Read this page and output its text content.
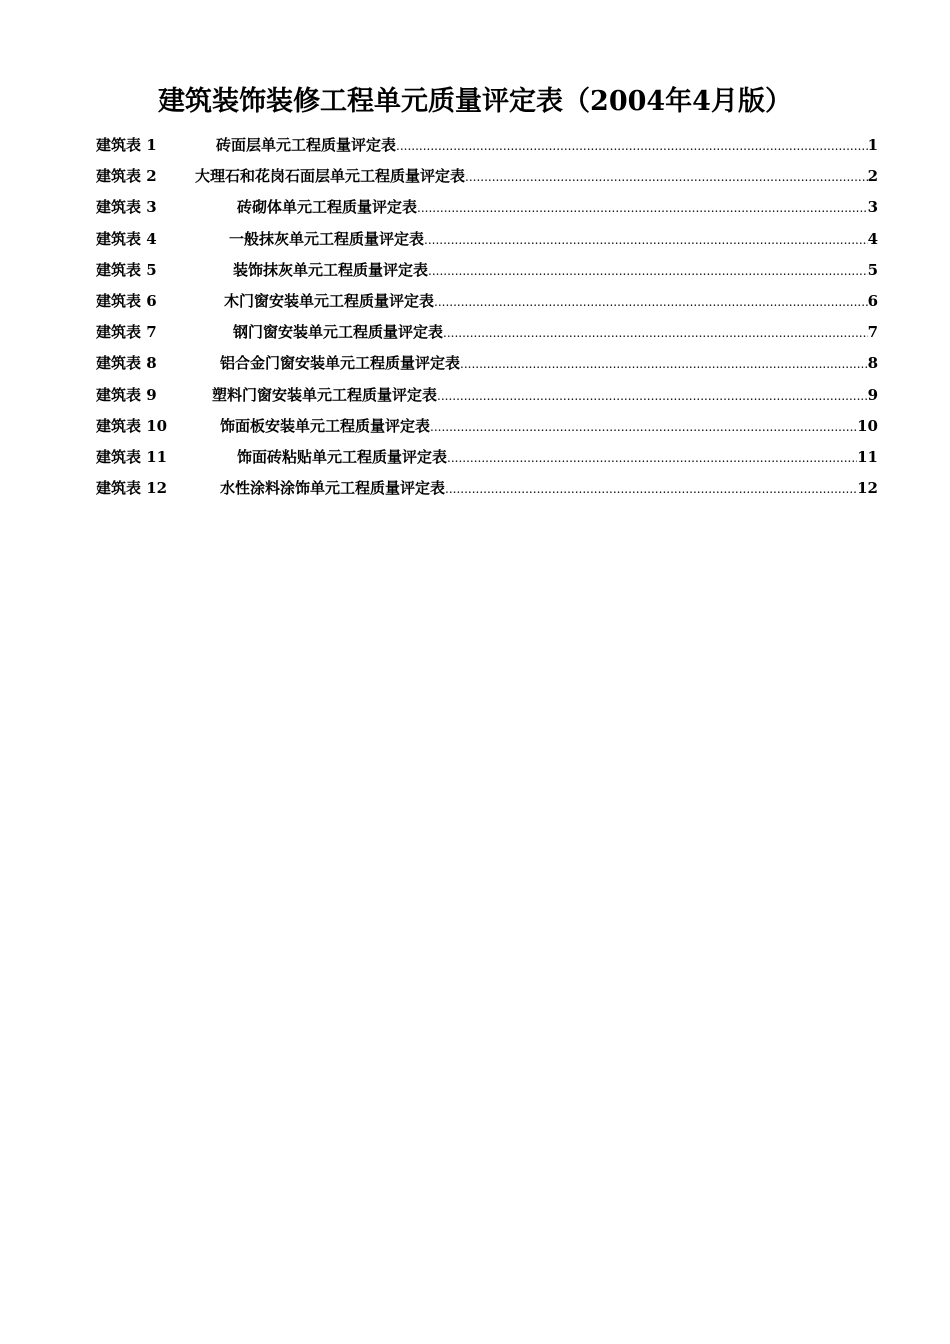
建筑装饰装修工程单元质量评定表（2004年4月版）
建筑表 1	砖面层单元工程质量评定表 .....	1
建筑表 2	大理石和花岗石面层单元工程质量评定表 .....	2
建筑表 3	砖砌体单元工程质量评定表 .....	3
建筑表 4	一般抹灰单元工程质量评定表 .....	4
建筑表 5	装饰抹灰单元工程质量评定表 .....	5
建筑表 6	木门窗安装单元工程质量评定表 .....	6
建筑表 7	钢门窗安装单元工程质量评定表 .....	7
建筑表 8	铝合金门窗安装单元工程质量评定表 .....	8
建筑表 9	塑料门窗安装单元工程质量评定表 .....	9
建筑表 10	饰面板安装单元工程质量评定表 .....	10
建筑表 11	饰面砖粘贴单元工程质量评定表 .....	11
建筑表 12	水性涂料涂饰单元工程质量评定表 .....	12
